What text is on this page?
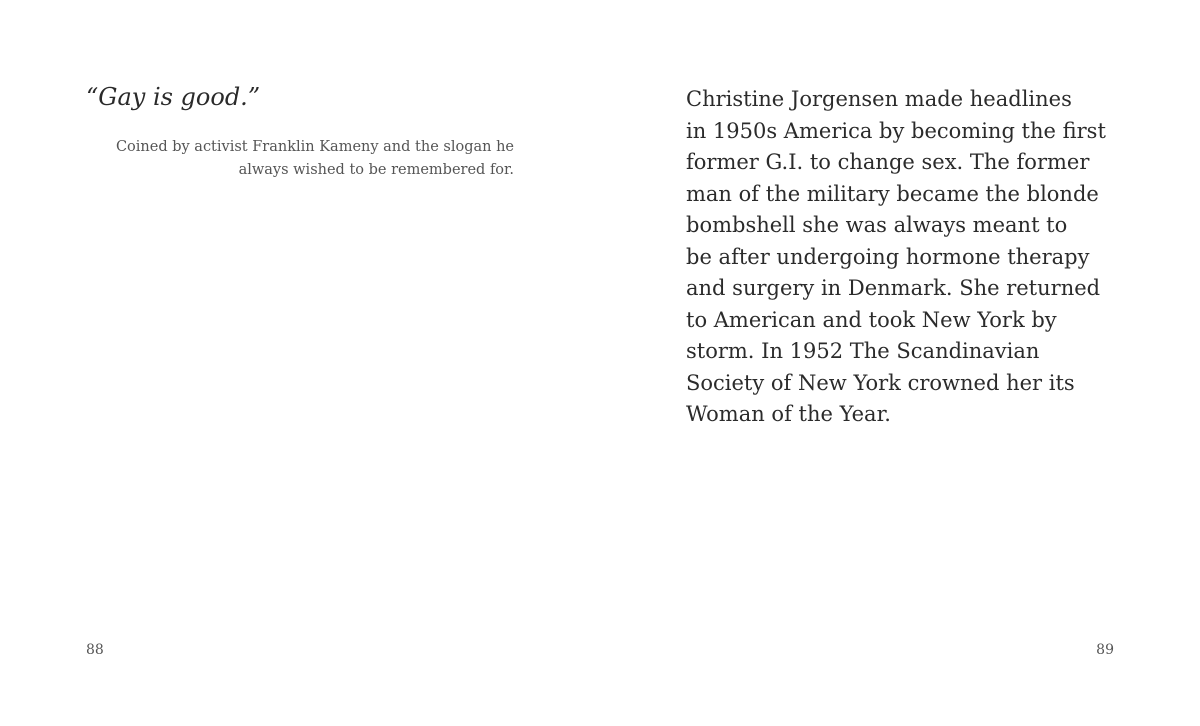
“Gay is good.”
Coined by activist Franklin Kameny and the slogan he
always wished to be remembered for.
88
Christine Jorgensen made headlines
in 1950s America by becoming the first
former G.I. to change sex. The former
man of the military became the blonde
bombshell she was always meant to
be after undergoing hormone therapy
and surgery in Denmark. She returned
to American and took New York by
storm. In 1952 The Scandinavian
Society of New York crowned her its
Woman of the Year.
89
